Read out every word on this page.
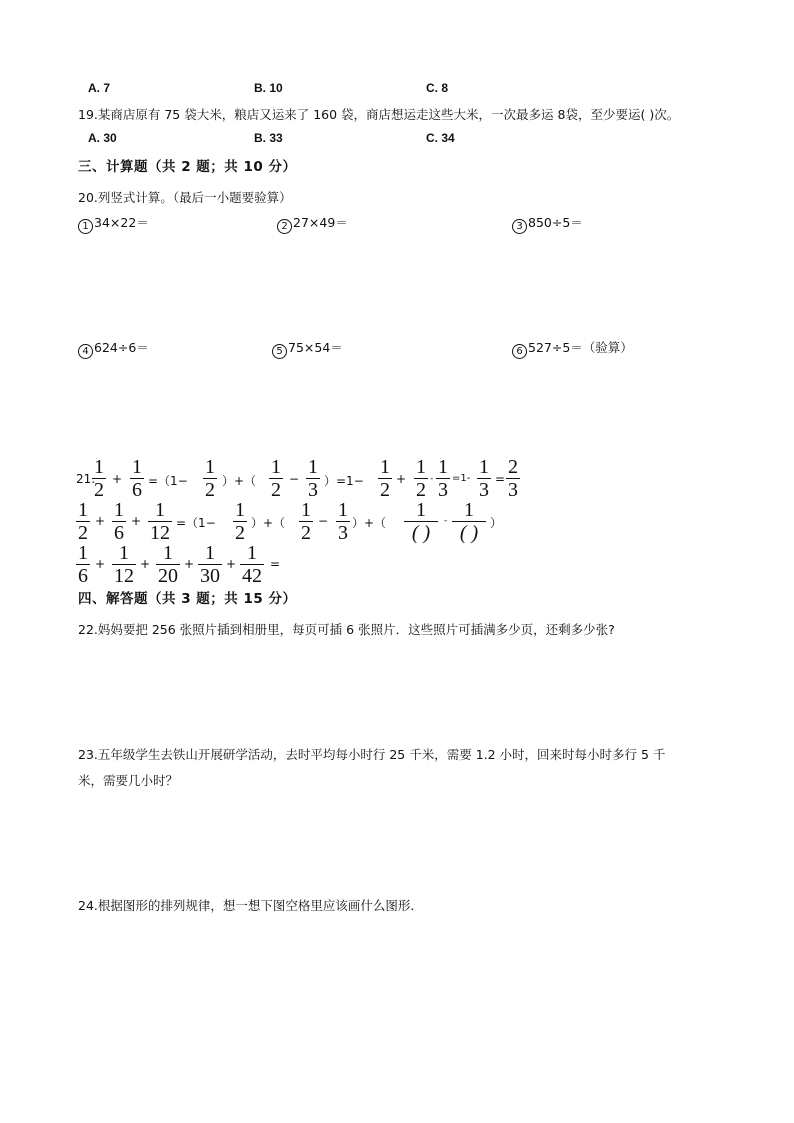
A. 7	B. 10	C. 8
19.某商店原有 75 袋大米，粮店又运来了 160 袋，商店想运走这些大米，一次最多运 8袋，至少要运( )次。
A. 30	B. 33	C. 34
三、计算题（共 2 题；共 10 分）
20.列竖式计算。（最后一小题要验算）
1 34×22＝	2 27×49＝	3 850÷5＝
4 624÷6＝	5 75×54＝	6 527÷5＝（验算）
21.
1
2 +
1
6 =（1−
1
2 ）+（
1
2 −
1
3 ）=1−
1
2 +
1
2 -
1
3
=1-
1
3 =
2
3
1
2
+ 1
6
+ 1
12 =（1−
1
2 ）+（
1
2
− 1
3 ）+（
1
( )
- 1
( ) ）
1
6
+ 1
12
+ 1
20
+ 1
30
+ 1
42
=
四、解答题（共 3 题；共 15 分）
22.妈妈要把 256 张照片插到相册里，每页可插 6 张照片．这些照片可插满多少页，还剩多少张?
23.五年级学生去铁山开展研学活动，去时平均每小时行 25 千米，需要 1.2 小时，回来时每小时多行 5 千
米，需要几小时？
24.根据图形的排列规律，想一想下图空格里应该画什么图形．
